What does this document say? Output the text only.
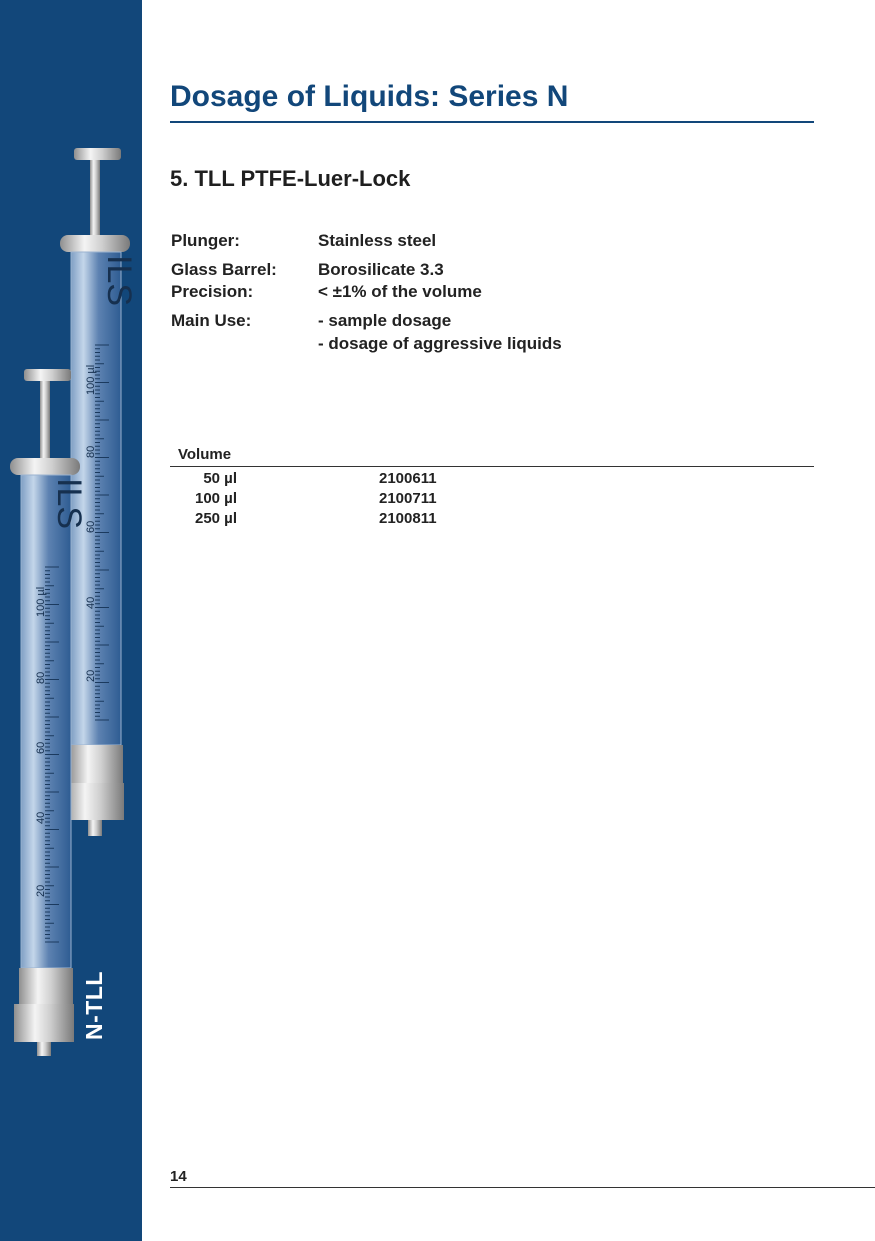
ILS
ILS
20
40
60
80
100 µl
20
40
60
80
100 µl
N-TLL
Dosage of Liquids: Series N
5. TLL PTFE-Luer-Lock
Plunger:	Stainless steel
Glass Barrel: Borosilicate 3.3
Precision:	< ±1% of the volume
Main Use:	- sample dosage
- dosage of aggressive liquids
Volume
50 µl	2100611
100 µl	2100711
250 µl	2100811
14
